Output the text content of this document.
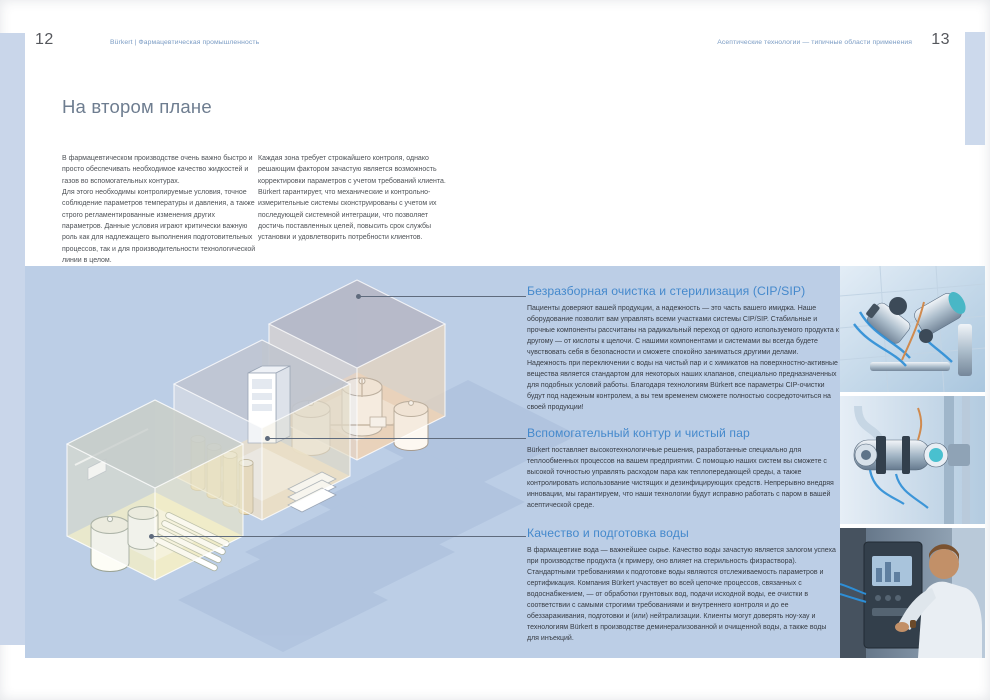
12	Bürkert | Фармацевтическая промышленность	Асептические технологии — типичные области применения 13
На втором плане

В фармацевтическом производстве очень важно быстро и просто обеспечивать необходимое качество жидкостей и газов во вспомогательных контурах.

Для этого необходимы контролируемые условия, точное соблюдение параметров температуры и давления, а также строго регламентированные изменения других параметров. Данные условия играют критически важную роль как для надлежащего выполнения подготовительных процессов, так и для производительности технологической линии в целом.

Каждая зона требует строжайшего контроля, однако решающим фактором зачастую является возможность корректировки параметров с учетом требований клиента. Bürkert гарантирует, что механические и контрольно-измерительные системы сконструированы с учетом их последующей системной интеграции, что позволяет достичь поставленных целей, повысить срок службы установки и удовлетворить потребности клиентов.

Безразборная очистка и стерилизация (CIP/SIP)

Пациенты доверяют вашей продукции, а надежность — это часть вашего имиджа. Наше оборудование позволит вам управлять всеми участками системы CIP/SIP. Стабильные и прочные компоненты рассчитаны на радикальный переход от одного используемого продукта к другому — от кислоты к щелочи. С нашими компонентами и системами вы всегда будете чувствовать себя в безопасности и сможете спокойно заниматься другими делами. Надежность при переключении с воды на чистый пар и с химикатов на поверхностно-активные вещества является стандартом для некоторых наших клапанов, специально предназначенных для подобных условий работы. Благодаря технологиям Bürkert все параметры CIP-очистки будут под надежным контролем, а вы тем временем сможете полностью сосредоточиться на своей продукции!

Вспомогательный контур и чистый пар

Bürkert поставляет высокотехнологичные решения, разработанные специально для теплообменных процессов на вашем предприятии. С помощью наших систем вы сможете с высокой точностью управлять расходом пара как теплопередающей среды, а также контролировать использование чистящих и дезинфицирующих средств. Непрерывно внедряя инновации, мы гарантируем, что наши технологии будут исправно работать с паром в вашей асептической среде.

Качество и подготовка воды

В фармацевтике вода — важнейшее сырье. Качество воды зачастую является залогом успеха при производстве продукта (к примеру, оно влияет на стерильность физраствора). Стандартными требованиями к подготовке воды являются отслеживаемость параметров и сертификация. Компания Bürkert участвует во всей цепочке процессов, связанных с водоснабжением, — от обработки грунтовых вод, подачи исходной воды, ее очистки в соответствии с самыми строгими требованиями и внутреннего контроля и до ее обеззараживания, подготовки и (или) нейтрализации. Клиенты могут доверять ноу-хау и технологиям Bürkert в производстве деминерализованной и очищенной воды, а также воды для инъекций.
